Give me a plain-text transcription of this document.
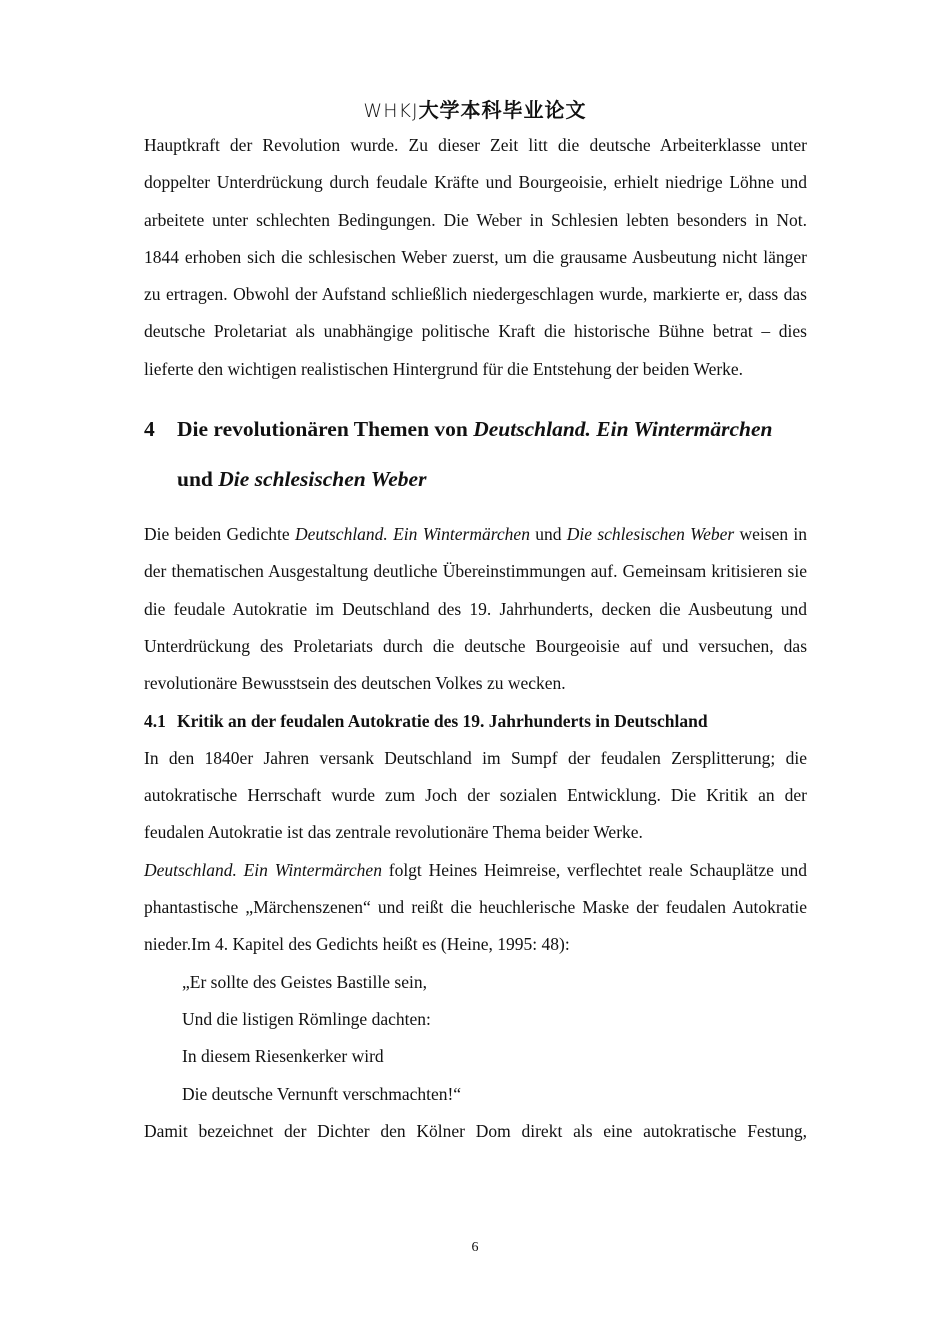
WHKJ大学本科毕业论文

Hauptkraft der Revolution wurde. Zu dieser Zeit litt die deutsche Arbeiterklasse unter doppelter Unterdrückung durch feudale Kräfte und Bourgeoisie, erhielt niedrige Löhne und arbeitete unter schlechten Bedingungen. Die Weber in Schlesien lebten besonders in Not. 1844 erhoben sich die schlesischen Weber zuerst, um die grausame Ausbeutung nicht länger zu ertragen. Obwohl der Aufstand schließlich niedergeschlagen wurde, markierte er, dass das deutsche Proletariat als unabhängige politische Kraft die historische Bühne betrat – dies lieferte den wichtigen realistischen Hintergrund für die Entstehung der beiden Werke.

4 Die revolutionären Themen von Deutschland. Ein Wintermärchen
und Die schlesischen Weber

Die beiden Gedichte Deutschland. Ein Wintermärchen und Die schlesischen Weber weisen in der thematischen Ausgestaltung deutliche Übereinstimmungen auf. Gemeinsam kritisieren sie die feudale Autokratie im Deutschland des 19. Jahrhunderts, decken die Ausbeutung und Unterdrückung des Proletariats durch die deutsche Bourgeoisie auf und versuchen, das revolutionäre Bewusstsein des deutschen Volkes zu wecken.

4.1 Kritik an der feudalen Autokratie des 19. Jahrhunderts in Deutschland

In den 1840er Jahren versank Deutschland im Sumpf der feudalen Zersplitterung; die autokratische Herrschaft wurde zum Joch der sozialen Entwicklung. Die Kritik an der feudalen Autokratie ist das zentrale revolutionäre Thema beider Werke.

Deutschland. Ein Wintermärchen folgt Heines Heimreise, verflechtet reale Schauplätze und phantastische „Märchenszenen“ und reißt die heuchlerische Maske der feudalen Autokratie nieder.Im 4. Kapitel des Gedichts heißt es (Heine, 1995: 48):

„Er sollte des Geistes Bastille sein,

Und die listigen Römlinge dachten:

In diesem Riesenkerker wird

Die deutsche Vernunft verschmachten!“

Damit bezeichnet der Dichter den Kölner Dom direkt als eine autokratische Festung,

6
